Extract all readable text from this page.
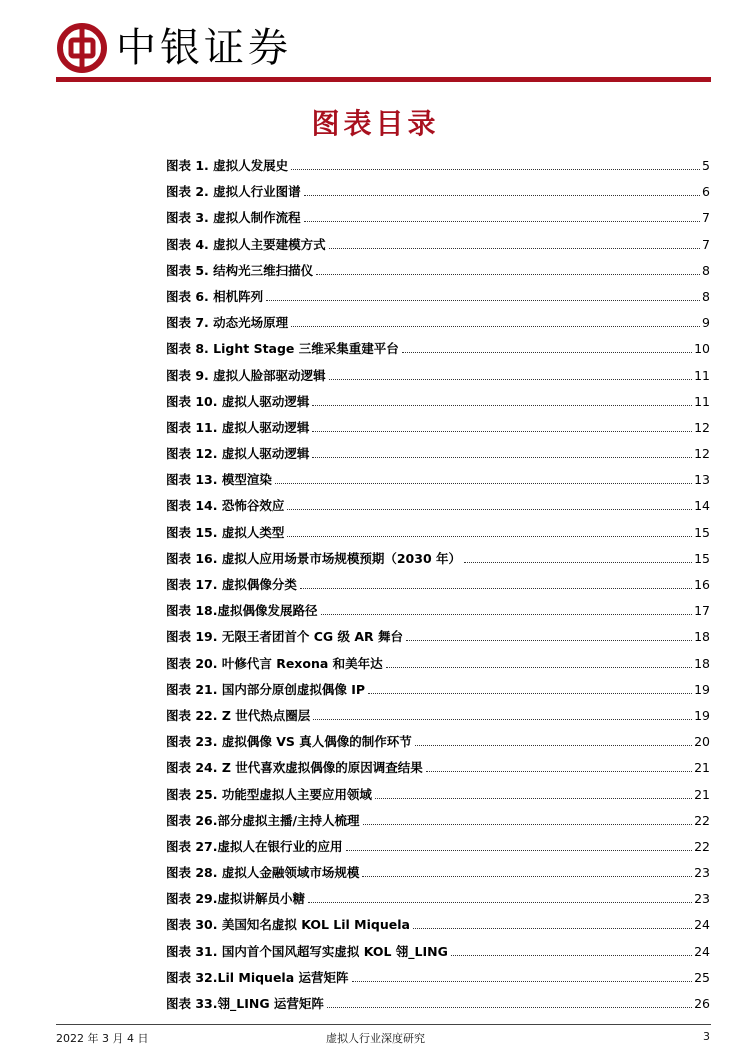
中银证券
图表目录
图表 1. 虚拟人发展史	5
图表 2. 虚拟人行业图谱	6
图表 3. 虚拟人制作流程	7
图表 4. 虚拟人主要建模方式	7
图表 5. 结构光三维扫描仪	8
图表 6. 相机阵列	8
图表 7. 动态光场原理	9
图表 8. Light Stage 三维采集重建平台	10
图表 9. 虚拟人脸部驱动逻辑	11
图表 10. 虚拟人驱动逻辑	11
图表 11. 虚拟人驱动逻辑	12
图表 12. 虚拟人驱动逻辑	12
图表 13. 模型渲染	13
图表 14. 恐怖谷效应	14
图表 15. 虚拟人类型	15
图表 16. 虚拟人应用场景市场规模预期（2030 年）	15
图表 17. 虚拟偶像分类	16
图表 18.虚拟偶像发展路径	17
图表 19. 无限王者团首个 CG 级 AR 舞台	18
图表 20. 叶修代言 Rexona 和美年达	18
图表 21. 国内部分原创虚拟偶像 IP	19
图表 22. Z 世代热点圈层	19
图表 23. 虚拟偶像 VS 真人偶像的制作环节	20
图表 24. Z 世代喜欢虚拟偶像的原因调查结果	21
图表 25. 功能型虚拟人主要应用领域	21
图表 26.部分虚拟主播/主持人梳理	22
图表 27.虚拟人在银行业的应用	22
图表 28. 虚拟人金融领域市场规模	23
图表 29.虚拟讲解员小糖	23
图表 30. 美国知名虚拟 KOL Lil Miquela	24
图表 31. 国内首个国风超写实虚拟 KOL 翎_LING	24
图表 32.Lil Miquela 运营矩阵	25
图表 33.翎_LING 运营矩阵	26
2022 年 3 月 4 日	虚拟人行业深度研究	3
